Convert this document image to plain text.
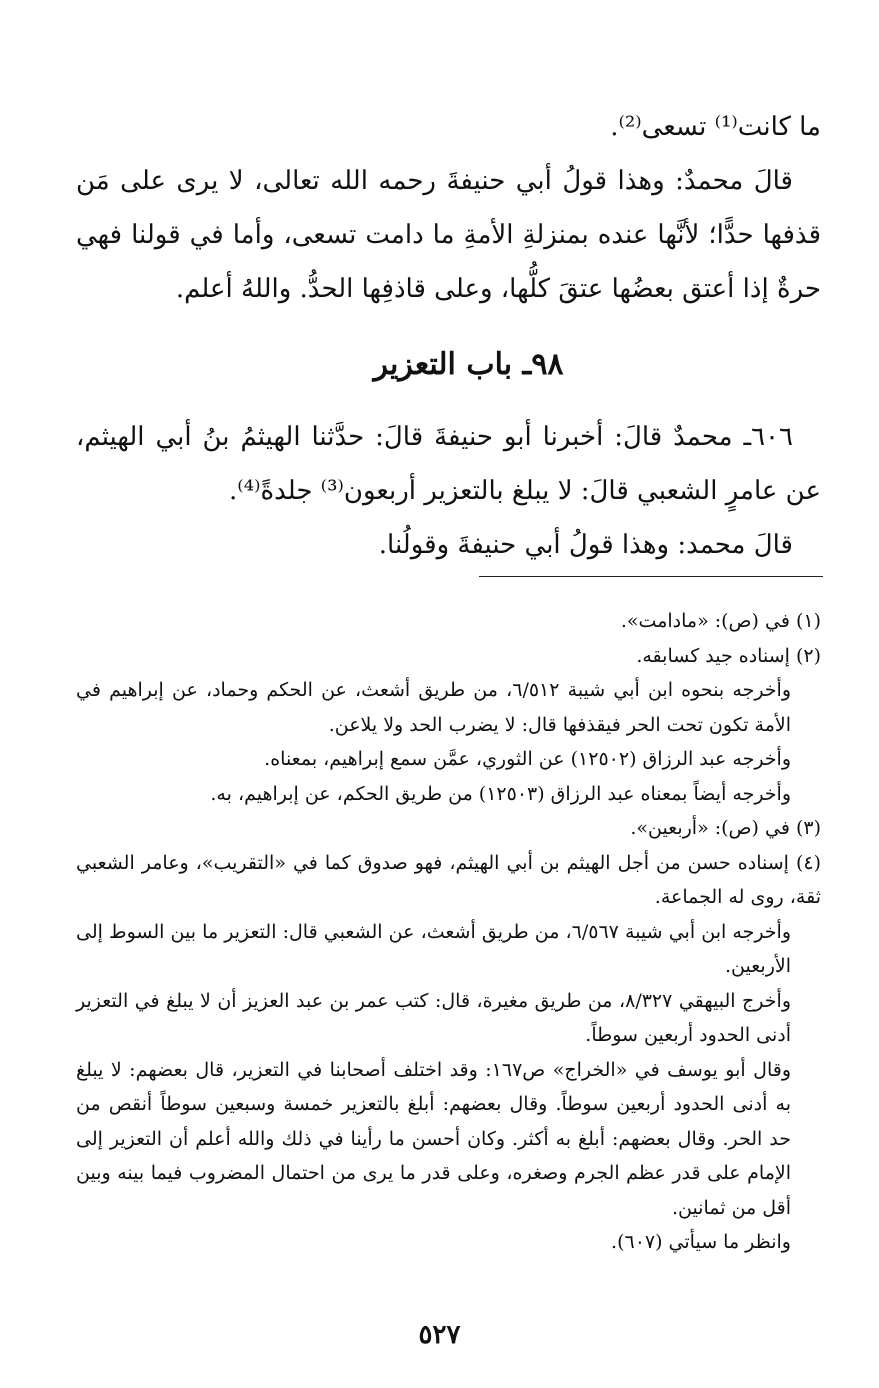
ما كانت⁽¹⁾ تسعى⁽²⁾.

قالَ محمدٌ: وهذا قولُ أبي حنيفةَ رحمه الله تعالى، لا يرى على مَن قذفها حدًّا؛ لأنَّها عنده بمنزلةِ الأمةِ ما دامت تسعى، وأما في قولنا فهي حرةٌ إذا أعتق بعضُها عتقَ كلُّها، وعلى قاذفِها الحدُّ. واللهُ أعلم.

٩٨ـ باب التعزير

٦٠٦ـ محمدٌ قالَ: أخبرنا أبو حنيفةَ قالَ: حدَّثنا الهيثمُ بنُ أبي الهيثم، عن عامرٍ الشعبي قالَ: لا يبلغ بالتعزير أربعون⁽³⁾ جلدةً⁽⁴⁾.

قالَ محمد: وهذا قولُ أبي حنيفةَ وقولُنا.

(١) في (ص): «مادامت».

(٢) إسناده جيد كسابقه.

وأخرجه بنحوه ابن أبي شيبة ٦/٥١٢، من طريق أشعث، عن الحكم وحماد، عن إبراهيم في الأمة تكون تحت الحر فيقذفها قال: لا يضرب الحد ولا يلاعن.

وأخرجه عبد الرزاق (١٢٥٠٢) عن الثوري، عمَّن سمع إبراهيم، بمعناه.

وأخرجه أيضاً بمعناه عبد الرزاق (١٢٥٠٣) من طريق الحكم، عن إبراهيم، به.

(٣) في (ص): «أربعين».

(٤) إسناده حسن من أجل الهيثم بن أبي الهيثم، فهو صدوق كما في «التقريب»، وعامر الشعبي ثقة، روى له الجماعة.

وأخرجه ابن أبي شيبة ٦/٥٦٧، من طريق أشعث، عن الشعبي قال: التعزير ما بين السوط إلى الأربعين.

وأخرج البيهقي ٨/٣٢٧، من طريق مغيرة، قال: كتب عمر بن عبد العزيز أن لا يبلغ في التعزير أدنى الحدود أربعين سوطاً.

وقال أبو يوسف في «الخراج» ص١٦٧: وقد اختلف أصحابنا في التعزير، قال بعضهم: لا يبلغ به أدنى الحدود أربعين سوطاً. وقال بعضهم: أبلغ بالتعزير خمسة وسبعين سوطاً أنقص من حد الحر. وقال بعضهم: أبلغ به أكثر. وكان أحسن ما رأينا في ذلك والله أعلم أن التعزير إلى الإمام على قدر عظم الجرم وصغره، وعلى قدر ما يرى من احتمال المضروب فيما بينه وبين أقل من ثمانين.

وانظر ما سيأتي (٦٠٧).

٥٢٧
